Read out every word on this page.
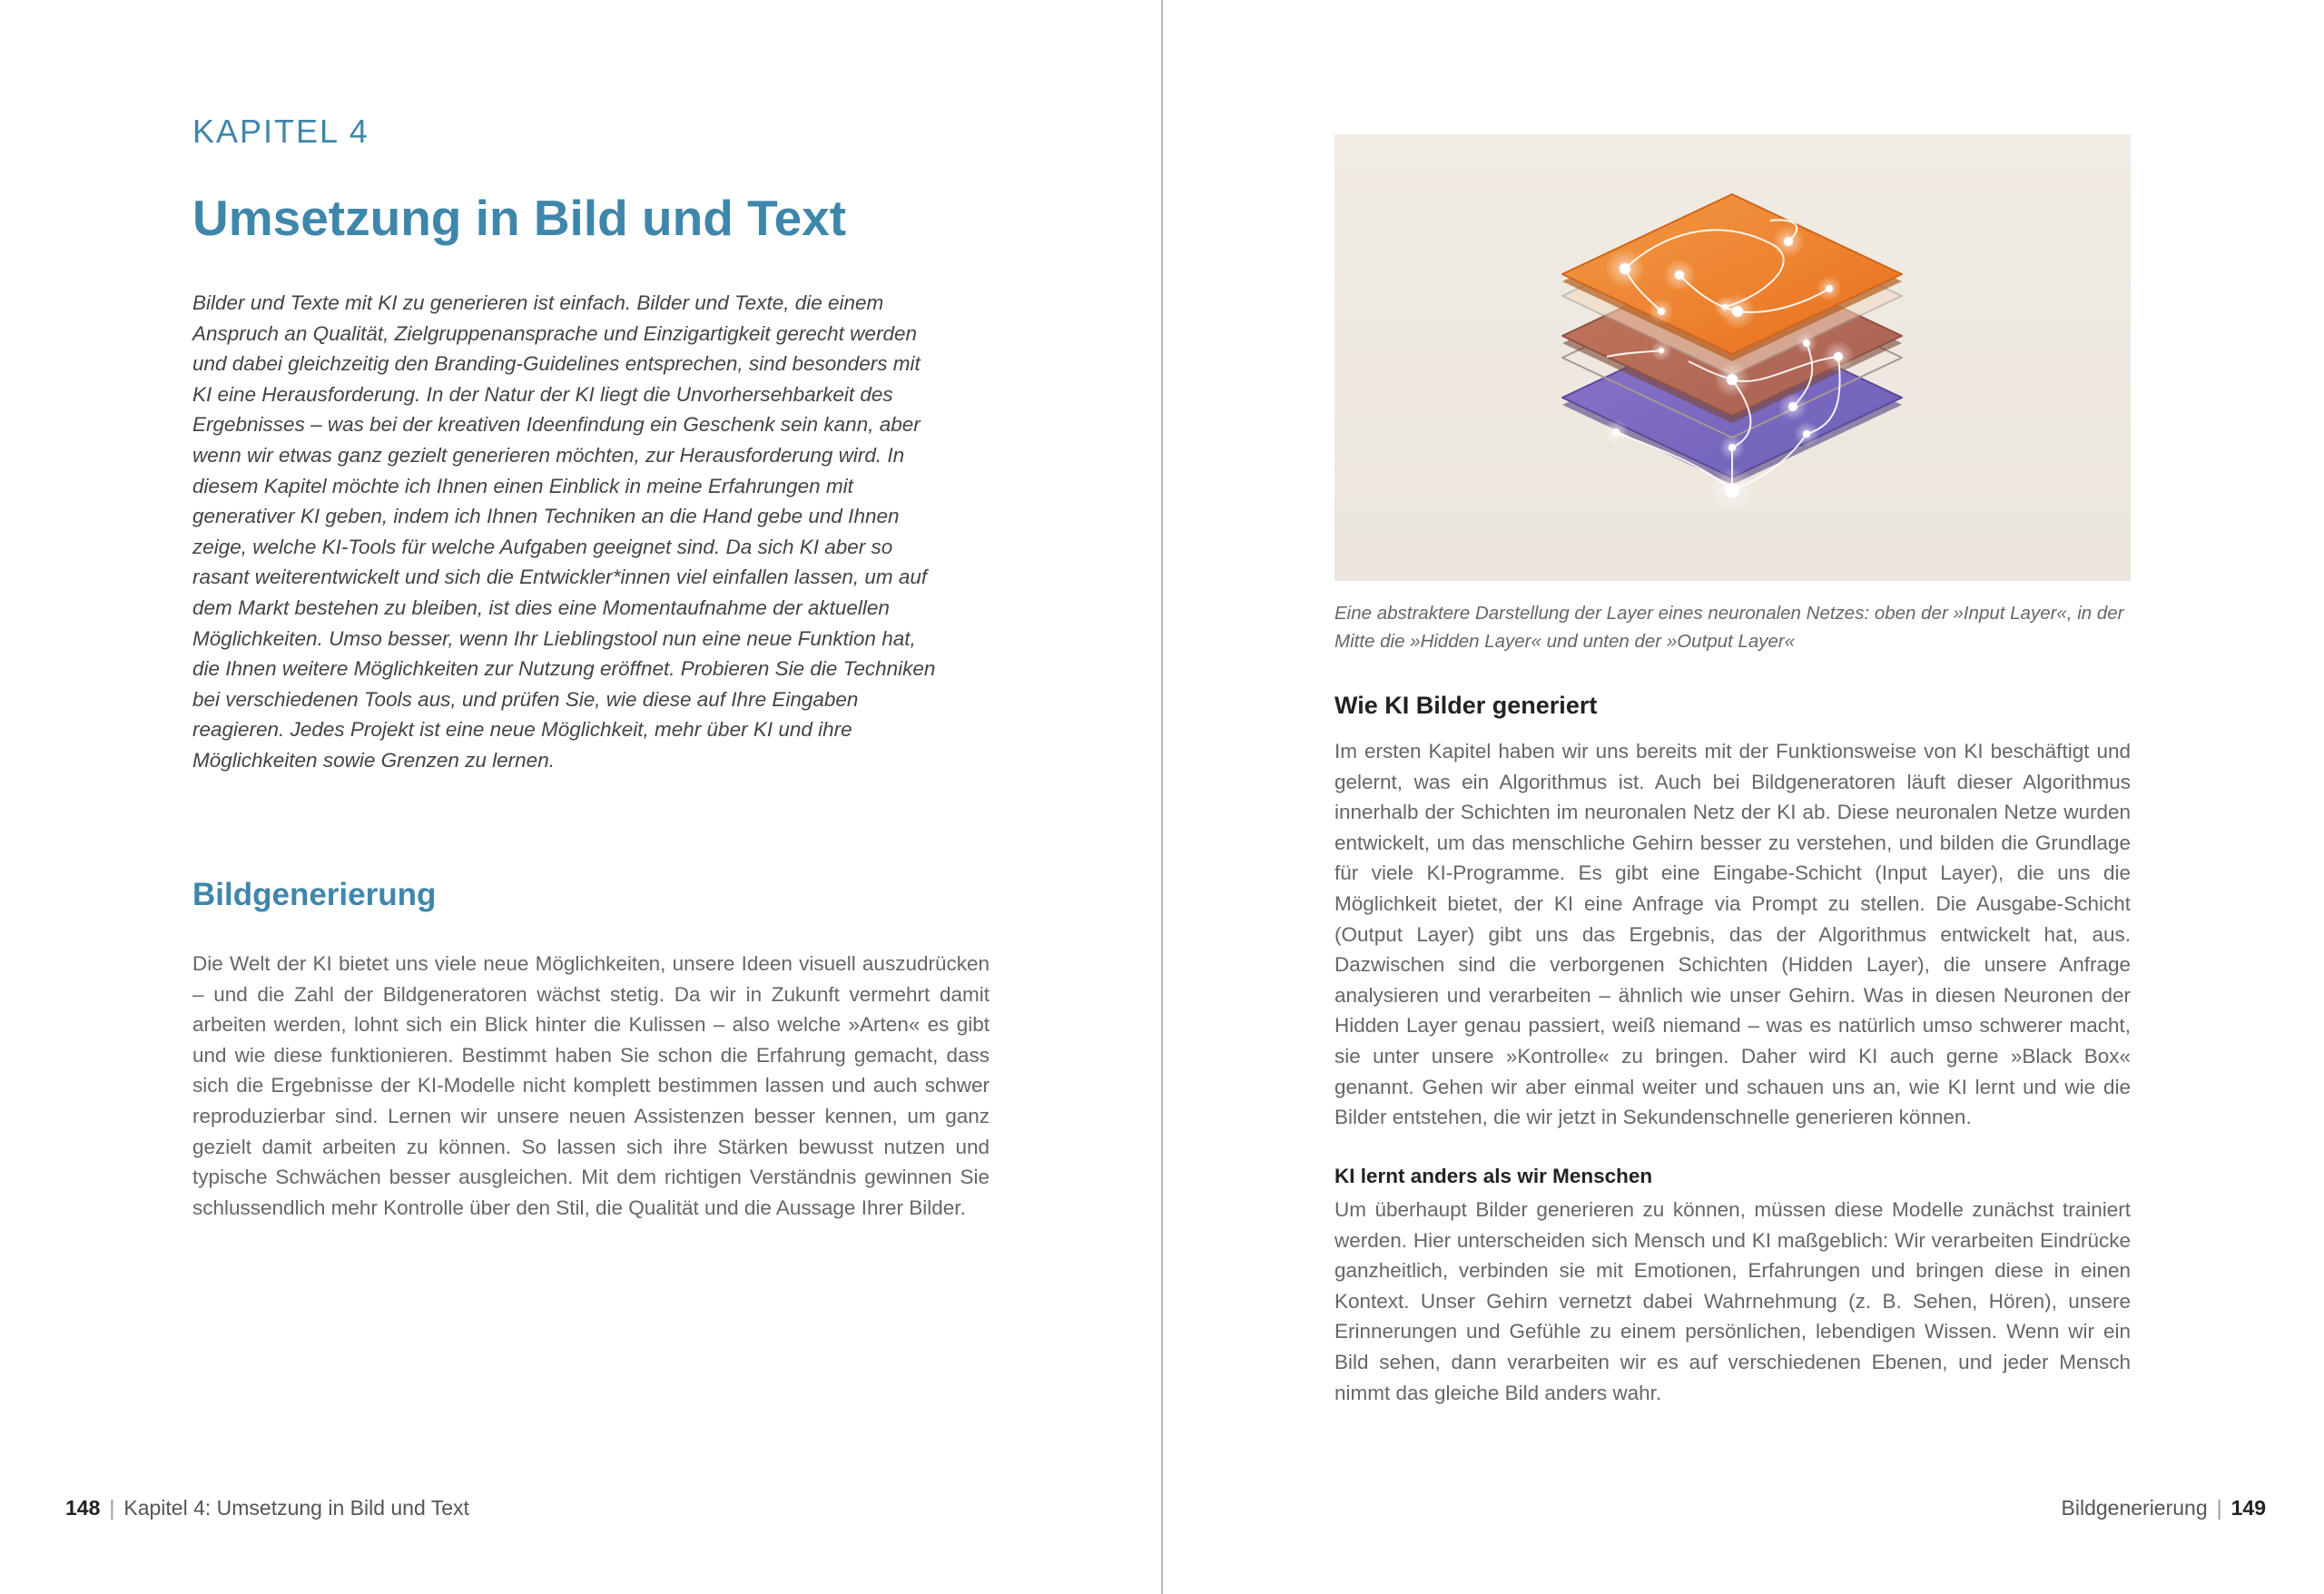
KAPITEL 4
Umsetzung in Bild und Text

Bilder und Texte mit KI zu generieren ist einfach. Bilder und Texte, die einem Anspruch an Qualität, Zielgruppenansprache und Einzigartigkeit gerecht werden und dabei gleichzeitig den Branding-Guidelines entsprechen, sind besonders mit KI eine Herausforderung. In der Natur der KI liegt die Unvorhersehbarkeit des Ergebnisses – was bei der kreativen Ideenfindung ein Geschenk sein kann, aber wenn wir etwas ganz gezielt generieren möchten, zur Herausforderung wird. In diesem Kapitel möchte ich Ihnen einen Einblick in meine Erfahrungen mit generativer KI geben, indem ich Ihnen Techniken an die Hand gebe und Ihnen zeige, welche KI-Tools für welche Aufgaben geeignet sind. Da sich KI aber so rasant weiterentwickelt und sich die Entwickler*innen viel einfallen lassen, um auf dem Markt bestehen zu bleiben, ist dies eine Momentaufnahme der aktuellen Möglichkeiten. Umso besser, wenn Ihr Lieblingstool nun eine neue Funktion hat, die Ihnen weitere Möglichkeiten zur Nutzung eröffnet. Probieren Sie die Techniken bei verschiedenen Tools aus, und prüfen Sie, wie diese auf Ihre Eingaben reagieren. Jedes Projekt ist eine neue Möglichkeit, mehr über KI und ihre Möglichkeiten sowie Grenzen zu lernen.

Bildgenerierung

Die Welt der KI bietet uns viele neue Möglichkeiten, unsere Ideen visuell auszudrücken – und die Zahl der Bildgeneratoren wächst stetig. Da wir in Zukunft vermehrt damit arbeiten werden, lohnt sich ein Blick hinter die Kulissen – also welche »Arten« es gibt und wie diese funktionieren. Bestimmt haben Sie schon die Erfahrung gemacht, dass sich die Ergebnisse der KI-Modelle nicht komplett bestimmen lassen und auch schwer reproduzierbar sind. Lernen wir unsere neuen Assistenzen besser kennen, um ganz gezielt damit arbeiten zu können. So lassen sich ihre Stärken bewusst nutzen und typische Schwächen besser ausgleichen. Mit dem richtigen Verständnis gewinnen Sie schlussendlich mehr Kontrolle über den Stil, die Qualität und die Aussage Ihrer Bilder.

148 | Kapitel 4: Umsetzung in Bild und Text

Eine abstraktere Darstellung der Layer eines neuronalen Netzes: oben der »Input Layer«, in der Mitte die »Hidden Layer« und unten der »Output Layer«

Wie KI Bilder generiert

Im ersten Kapitel haben wir uns bereits mit der Funktionsweise von KI beschäftigt und gelernt, was ein Algorithmus ist. Auch bei Bildgeneratoren läuft dieser Algorithmus innerhalb der Schichten im neuronalen Netz der KI ab. Diese neuronalen Netze wurden entwickelt, um das menschliche Gehirn besser zu verstehen, und bilden die Grundlage für viele KI-Programme. Es gibt eine Eingabe-Schicht (Input Layer), die uns die Möglichkeit bietet, der KI eine Anfrage via Prompt zu stellen. Die Ausgabe-Schicht (Output Layer) gibt uns das Ergebnis, das der Algorithmus entwickelt hat, aus. Dazwischen sind die verborgenen Schichten (Hidden Layer), die unsere Anfrage analysieren und verarbeiten – ähnlich wie unser Gehirn. Was in diesen Neuronen der Hidden Layer genau passiert, weiß niemand – was es natürlich umso schwerer macht, sie unter unsere »Kontrolle« zu bringen. Daher wird KI auch gerne »Black Box« genannt. Gehen wir aber einmal weiter und schauen uns an, wie KI lernt und wie die Bilder entstehen, die wir jetzt in Sekundenschnelle generieren können.

KI lernt anders als wir Menschen

Um überhaupt Bilder generieren zu können, müssen diese Modelle zunächst trainiert werden. Hier unterscheiden sich Mensch und KI maßgeblich: Wir verarbeiten Eindrücke ganzheitlich, verbinden sie mit Emotionen, Erfahrungen und bringen diese in einen Kontext. Unser Gehirn vernetzt dabei Wahrnehmung (z. B. Sehen, Hören), unsere Erinnerungen und Gefühle zu einem persönlichen, lebendigen Wissen. Wenn wir ein Bild sehen, dann verarbeiten wir es auf verschiedenen Ebenen, und jeder Mensch nimmt das gleiche Bild anders wahr.

Bildgenerierung | 149
